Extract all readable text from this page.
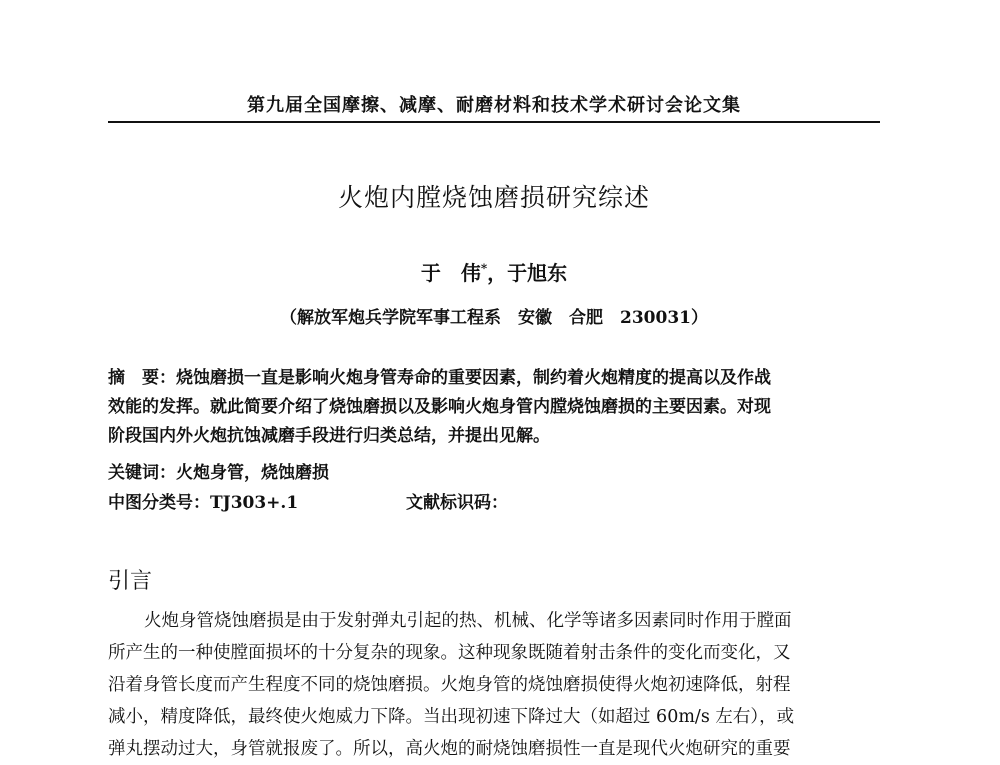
第九届全国摩擦、减摩、耐磨材料和技术学术研讨会论文集
火炮内膛烧蚀磨损研究综述
于　伟*，于旭东
（解放军炮兵学院军事工程系　安徽　合肥　230031）
摘　要：烧蚀磨损一直是影响火炮身管寿命的重要因素，制约着火炮精度的提高以及作战
效能的发挥。就此简要介绍了烧蚀磨损以及影响火炮身管内膛烧蚀磨损的主要因素。对现
阶段国内外火炮抗蚀减磨手段进行归类总结，并提出见解。
关键词：火炮身管，烧蚀磨损
中图分类号：TJ303+.1	文献标识码：
引言
火炮身管烧蚀磨损是由于发射弹丸引起的热、机械、化学等诸多因素同时作用于膛面
所产生的一种使膛面损坏的十分复杂的现象。这种现象既随着射击条件的变化而变化，又
沿着身管长度而产生程度不同的烧蚀磨损。火炮身管的烧蚀磨损使得火炮初速降低，射程
减小，精度降低，最终使火炮威力下降。当出现初速下降过大（如超过 60m/s 左右），或
弹丸摆动过大，身管就报废了。所以，高火炮的耐烧蚀磨损性一直是现代火炮研究的重要
